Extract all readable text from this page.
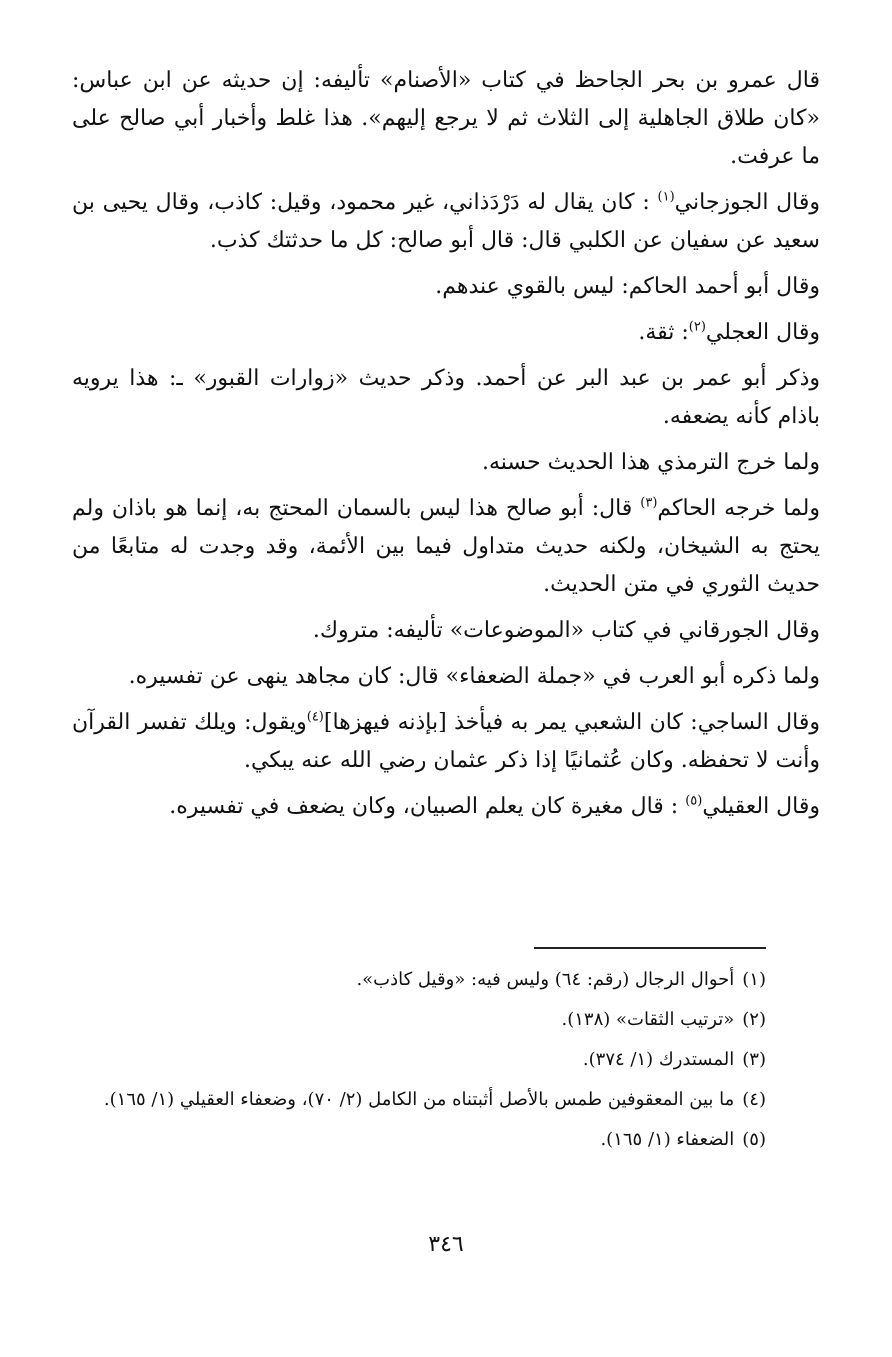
قال عمرو بن بحر الجاحظ في كتاب «الأصنام» تأليفه: إن حديثه عن ابن عباس: «كان طلاق الجاهلية إلى الثلاث ثم لا يرجع إليهم». هذا غلط وأخبار أبي صالح على ما عرفت.

وقال الجوزجاني$^{(١)}$ : كان يقال له دَرْدَذاني، غير محمود، وقيل: كاذب، وقال يحيى بن سعيد عن سفيان عن الكلبي قال: قال أبو صالح: كل ما حدثتك كذب.

وقال أبو أحمد الحاكم: ليس بالقوي عندهم.

وقال العجلي$^{(٢)}$: ثقة.

وذكر أبو عمر بن عبد البر عن أحمد. وذكر حديث «زوارات القبور» ـ: هذا يرويه باذام كأنه يضعفه.

ولما خرج الترمذي هذا الحديث حسنه.

ولما خرجه الحاكم$^{(٣)}$ قال: أبو صالح هذا ليس بالسمان المحتج به، إنما هو باذان ولم يحتج به الشيخان، ولكنه حديث متداول فيما بين الأئمة، وقد وجدت له متابعًا من حديث الثوري في متن الحديث.

وقال الجورقاني في كتاب «الموضوعات» تأليفه: متروك.

ولما ذكره أبو العرب في «جملة الضعفاء» قال: كان مجاهد ينهى عن تفسيره.

وقال الساجي: كان الشعبي يمر به فيأخذ [بإذنه فيهزها]$^{(٤)}$ويقول: ويلك تفسر القرآن وأنت لا تحفظه. وكان عُثمانيًا إذا ذكر عثمان رضي الله عنه يبكي.

وقال العقيلي$^{(٥)}$ : قال مغيرة كان يعلم الصبيان، وكان يضعف في تفسيره.

(١)أحوال الرجال (رقم: ٦٤) وليس فيه: «وقيل كاذب».

(٢)«ترتيب الثقات» (١٣٨).

(٣)المستدرك (١/ ٣٧٤).

(٤)ما بين المعقوفين طمس بالأصل أثبتناه من الكامل (٢/ ٧٠)، وضعفاء العقيلي (١/ ١٦٥).

(٥)الضعفاء (١/ ١٦٥).

٣٤٦
